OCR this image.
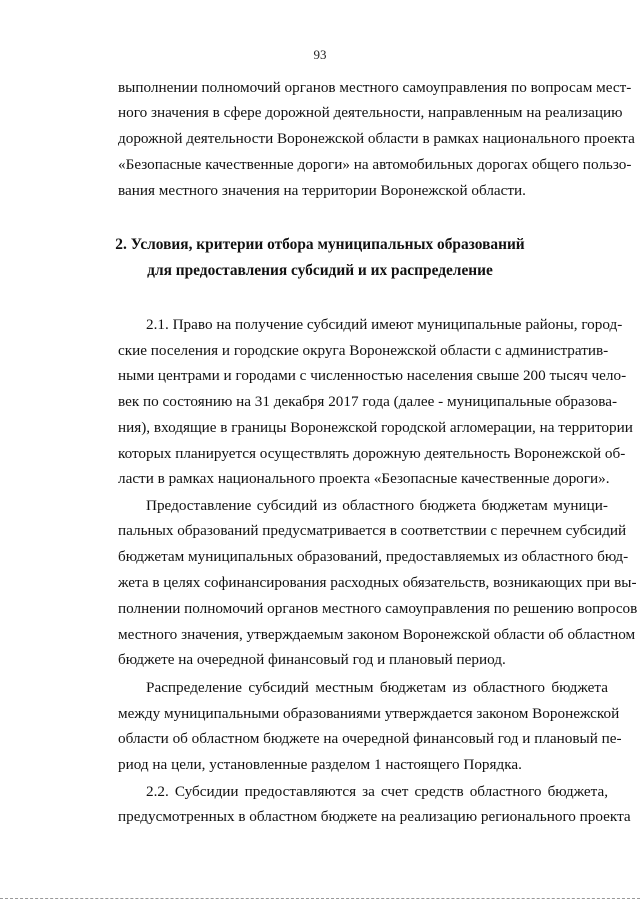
93
выполнении полномочий органов местного самоуправления по вопросам мест-
ного значения в сфере дорожной деятельности, направленным на реализацию
дорожной деятельности Воронежской области в рамках национального проекта
«Безопасные качественные дороги» на автомобильных дорогах общего пользо-
вания местного значения на территории Воронежской области.
2. Условия, критерии отбора муниципальных образований
для предоставления субсидий и их распределение
2.1. Право на получение субсидий имеют муниципальные районы, город-
ские поселения и городские округа Воронежской области с административ-
ными центрами и городами с численностью населения свыше 200 тысяч чело-
век по состоянию на 31 декабря 2017 года (далее - муниципальные образова-
ния), входящие в границы Воронежской городской агломерации, на территории
которых планируется осуществлять дорожную деятельность Воронежской об-
ласти в рамках национального проекта «Безопасные качественные дороги».
Предоставление субсидий из областного бюджета бюджетам муници-
пальных образований предусматривается в соответствии с перечнем субсидий
бюджетам муниципальных образований, предоставляемых из областного бюд-
жета в целях софинансирования расходных обязательств, возникающих при вы-
полнении полномочий органов местного самоуправления по решению вопросов
местного значения, утверждаемым законом Воронежской области об областном
бюджете на очередной финансовый год и плановый период.
Распределение субсидий местным бюджетам из областного бюджета
между муниципальными образованиями утверждается законом Воронежской
области об областном бюджете на очередной финансовый год и плановый пе-
риод на цели, установленные разделом 1 настоящего Порядка.
2.2. Субсидии предоставляются за счет средств областного бюджета,
предусмотренных в областном бюджете на реализацию регионального проекта
